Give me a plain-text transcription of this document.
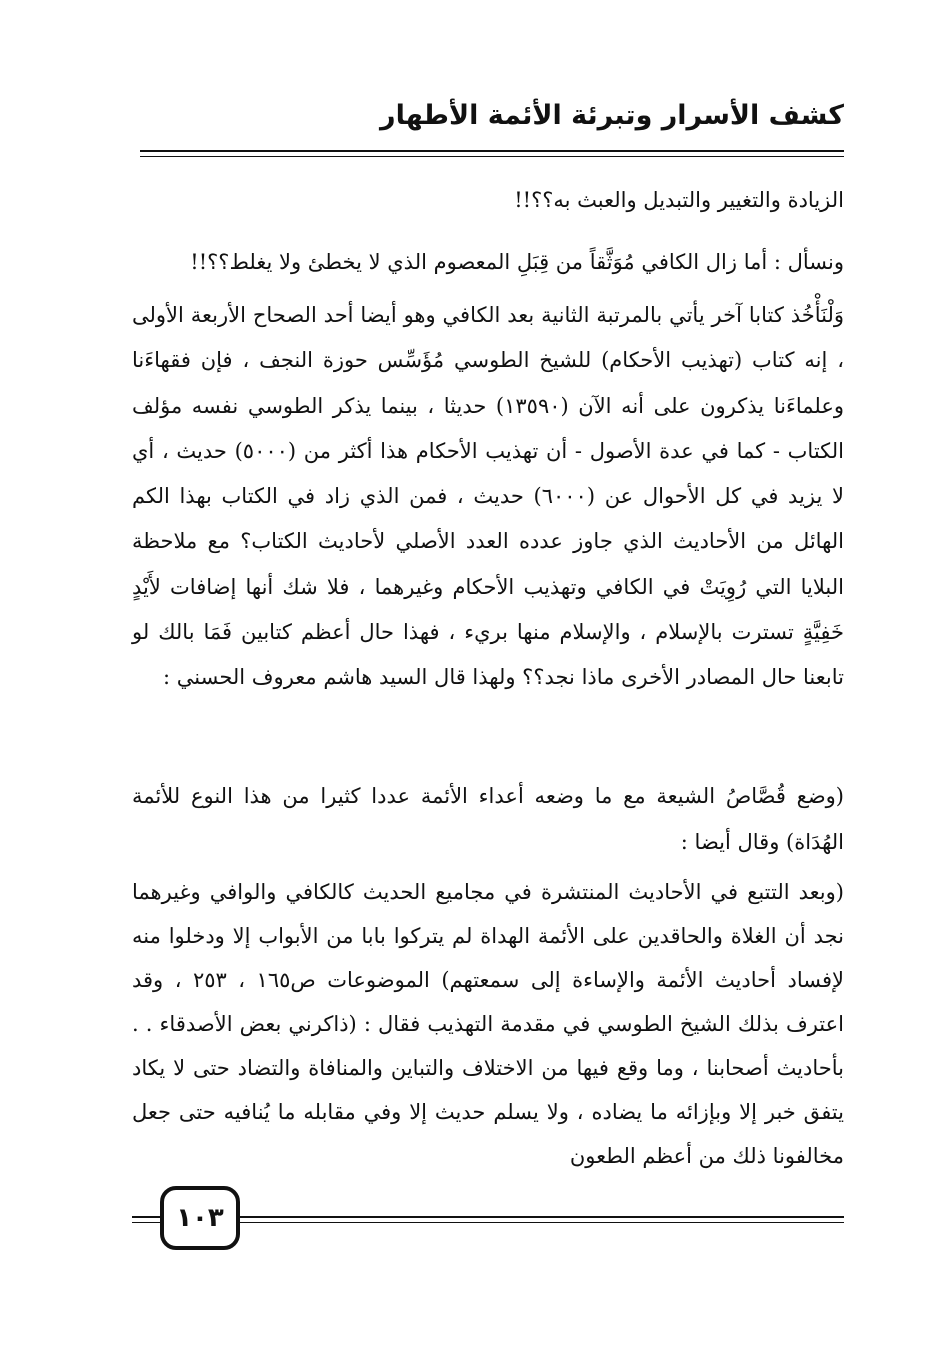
كشف الأسرار وتبرئة الأئمة الأطهار

الزيادة والتغيير والتبديل والعبث به؟؟!!

ونسأل : أما زال الكافي مُوَثَّقاً من قِبَلِ المعصوم الذي لا يخطئ ولا يغلط؟؟!!

وَلْنَأْخُذ كتابا آخر يأتي بالمرتبة الثانية بعد الكافي وهو أيضا أحد الصحاح الأربعة الأولى ، إنه كتاب (تهذيب الأحكام) للشيخ الطوسي مُؤَسِّس حوزة النجف ، فإن فقهاءَنا وعلماءَنا يذكرون على أنه الآن (١٣٥٩٠) حديثا ، بينما يذكر الطوسي نفسه مؤلف الكتاب - كما في عدة الأصول - أن تهذيب الأحكام هذا أكثر من (٥٠٠٠) حديث ، أي لا يزيد في كل الأحوال عن (٦٠٠٠) حديث ، فمن الذي زاد في الكتاب بهذا الكم الهائل من الأحاديث الذي جاوز عدده العدد الأصلي لأحاديث الكتاب؟ مع ملاحظة البلايا التي رُوِيَتْ في الكافي وتهذيب الأحكام وغيرهما ، فلا شك أنها إضافات لأَيْدٍ خَفِيَّةٍ تسترت بالإسلام ، والإسلام منها بريء ، فهذا حال أعظم كتابين فَمَا بالك لو تابعنا حال المصادر الأخرى ماذا نجد؟؟ ولهذا قال السيد هاشم معروف الحسني :

(وضع قُصَّاصُ الشيعة مع ما وضعه أعداء الأئمة عددا كثيرا من هذا النوع للأئمة الهُدَاة) وقال أيضا :

(وبعد التتبع في الأحاديث المنتشرة في مجاميع الحديث كالكافي والوافي وغيرهما نجد أن الغلاة والحاقدين على الأئمة الهداة لم يتركوا بابا من الأبواب إلا ودخلوا منه لإفساد أحاديث الأئمة والإساءة إلى سمعتهم) الموضوعات ص١٦٥ ، ٢٥٣ ، وقد اعترف بذلك الشيخ الطوسي في مقدمة التهذيب فقال : (ذاكرني بعض الأصدقاء . . بأحاديث أصحابنا ، وما وقع فيها من الاختلاف والتباين والمنافاة والتضاد حتى لا يكاد يتفق خبر إلا وبإزائه ما يضاده ، ولا يسلم حديث إلا وفي مقابله ما يُنافيه حتى جعل مخالفونا ذلك من أعظم الطعون

١٠٣
